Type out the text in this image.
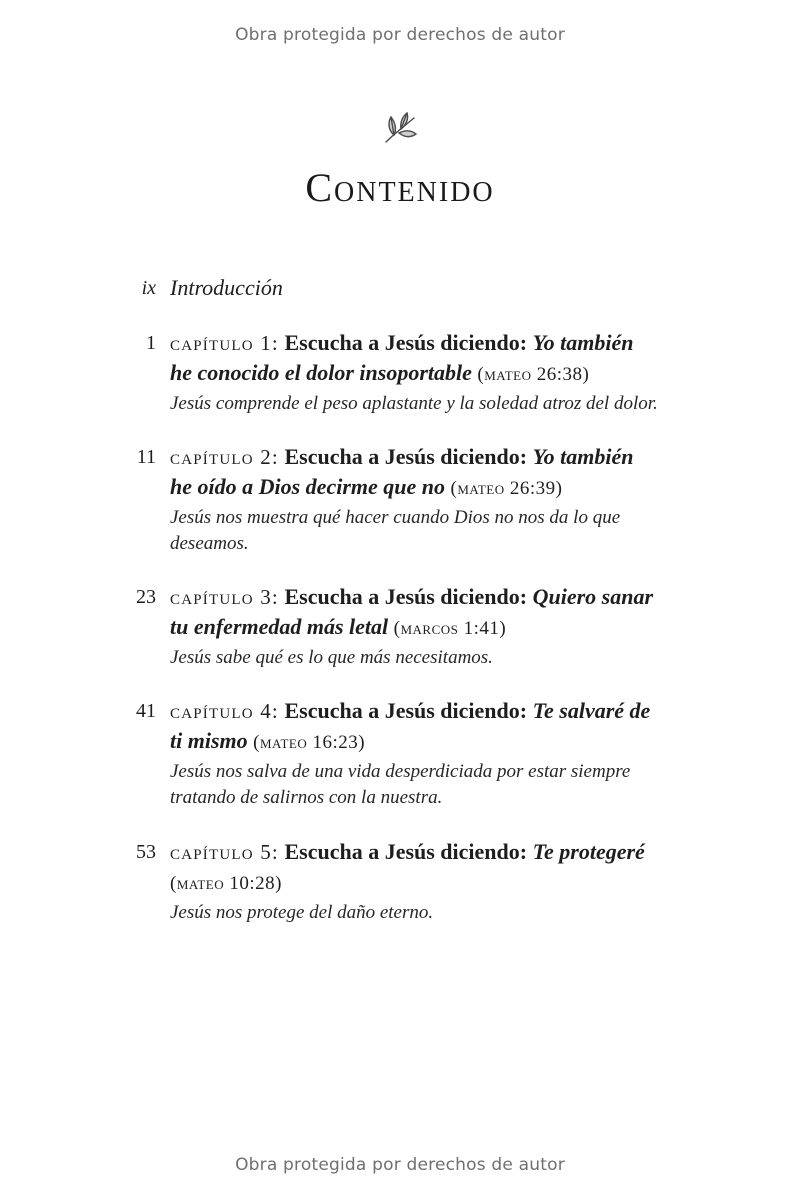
Obra protegida por derechos de autor
Contenido
ix Introducción
1 capítulo 1: Escucha a Jesús diciendo: Yo también
he conocido el dolor insoportable (mateo 26:38)
Jesús comprende el peso aplastante y la soledad atroz del dolor.
11 capítulo 2: Escucha a Jesús diciendo: Yo también
he oído a Dios decirme que no (mateo 26:39)
Jesús nos muestra qué hacer cuando Dios no nos da lo que deseamos.
23 capítulo 3: Escucha a Jesús diciendo: Quiero sanar
tu enfermedad más letal (marcos 1:41)
Jesús sabe qué es lo que más necesitamos.
41 capítulo 4: Escucha a Jesús diciendo: Te salvaré de
ti mismo (mateo 16:23)
Jesús nos salva de una vida desperdiciada por estar siempre tratando de salirnos con la nuestra.
53 capítulo 5: Escucha a Jesús diciendo: Te protegeré
(mateo 10:28)
Jesús nos protege del daño eterno.
Obra protegida por derechos de autor
